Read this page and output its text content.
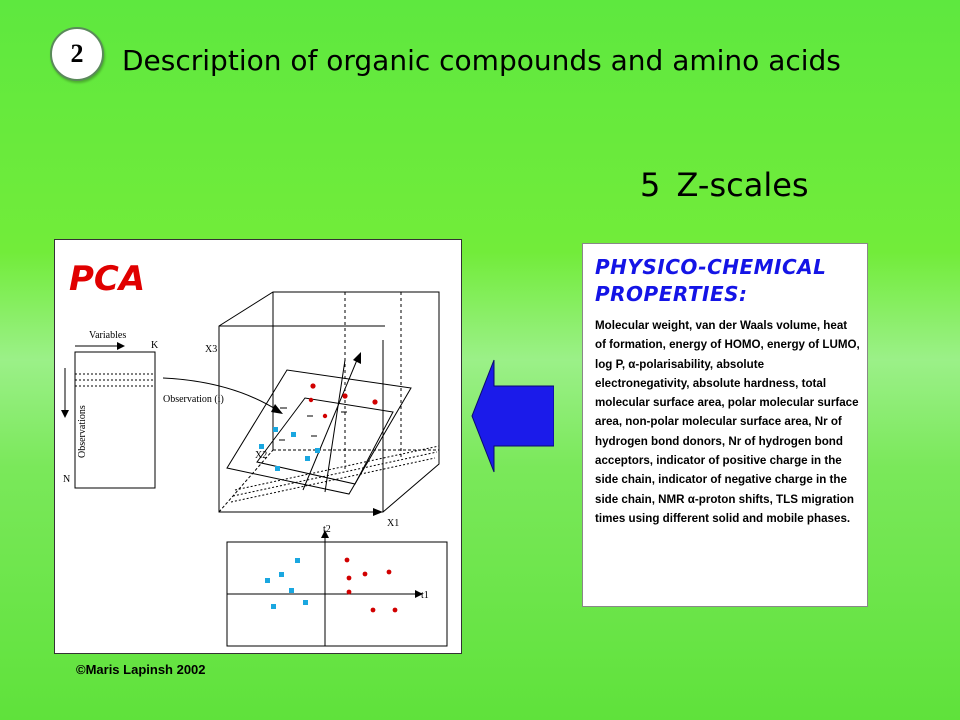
2	Description of organic compounds and amino acids
5 Z-scales
PCA
Variables
K
Observations
N
Observation (i)
X3
X2
X1
t2
t1
©Maris Lapinsh 2002

PHYSICO-CHEMICAL

PROPERTIES:

Molecular weight, van der Waals volume, heat of formation, energy of HOMO, energy of LUMO, log P, α-polarisability, absolute electronegativity, absolute hardness, total molecular surface area, polar molecular surface area, non-polar molecular surface area, Nr of hydrogen bond donors, Nr of hydrogen bond acceptors, indicator of positive charge in the side chain, indicator of negative charge in the side chain, NMR α-proton shifts, TLS migration times using different solid and mobile phases.
